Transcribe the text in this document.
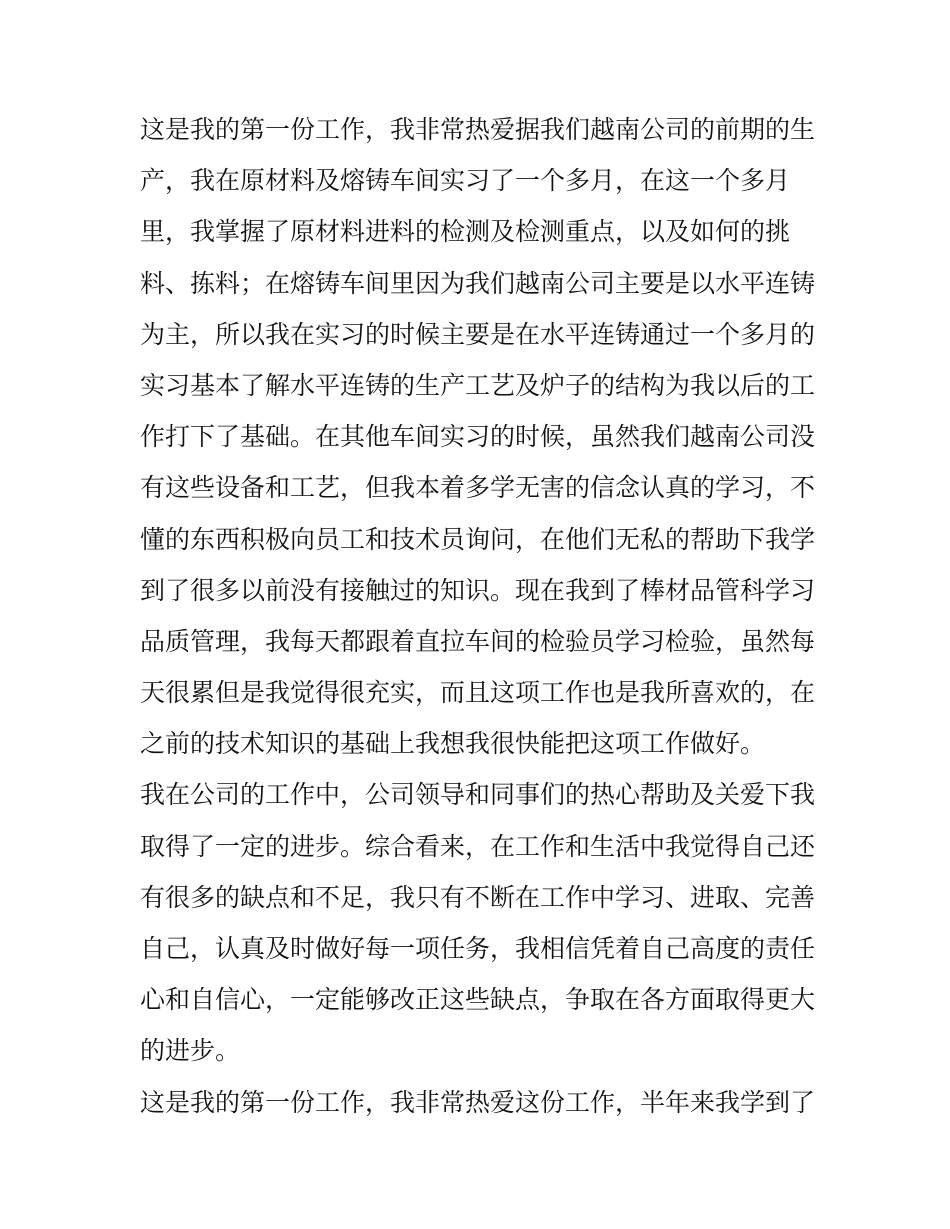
这是我的第一份工作，我非常热爱据我们越南公司的前期的生
产，我在原材料及熔铸车间实习了一个多月，在这一个多月
里，我掌握了原材料进料的检测及检测重点，以及如何的挑
料、拣料；在熔铸车间里因为我们越南公司主要是以水平连铸
为主，所以我在实习的时候主要是在水平连铸通过一个多月的
实习基本了解水平连铸的生产工艺及炉子的结构为我以后的工
作打下了基础。在其他车间实习的时候，虽然我们越南公司没
有这些设备和工艺，但我本着多学无害的信念认真的学习，不
懂的东西积极向员工和技术员询问，在他们无私的帮助下我学
到了很多以前没有接触过的知识。现在我到了棒材品管科学习
品质管理，我每天都跟着直拉车间的检验员学习检验，虽然每
天很累但是我觉得很充实，而且这项工作也是我所喜欢的，在
之前的技术知识的基础上我想我很快能把这项工作做好。
我在公司的工作中，公司领导和同事们的热心帮助及关爱下我
取得了一定的进步。综合看来，在工作和生活中我觉得自己还
有很多的缺点和不足，我只有不断在工作中学习、进取、完善
自己，认真及时做好每一项任务，我相信凭着自己高度的责任
心和自信心，一定能够改正这些缺点，争取在各方面取得更大
的进步。
这是我的第一份工作，我非常热爱这份工作，半年来我学到了
